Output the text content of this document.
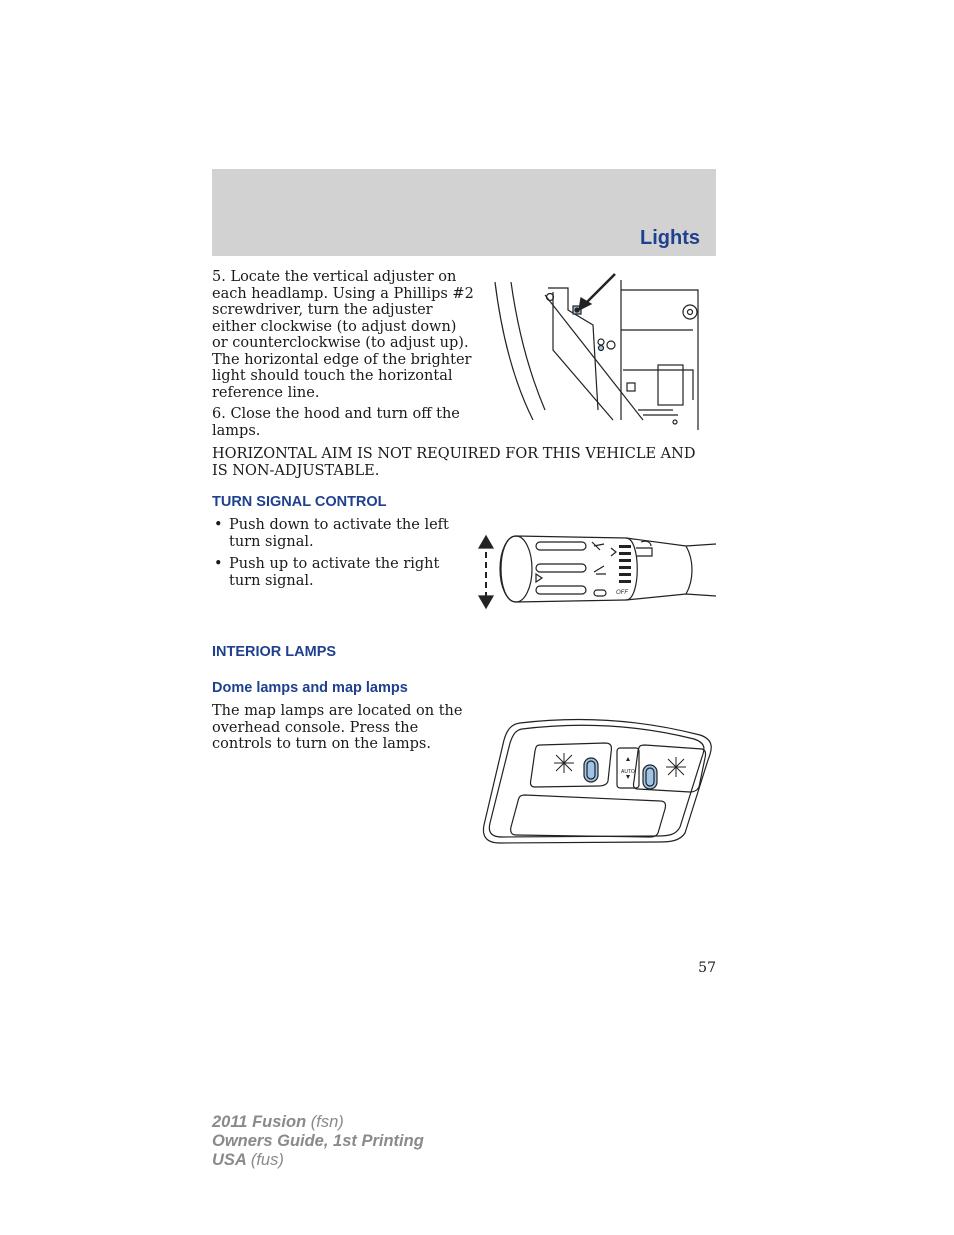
Lights
5. Locate the vertical adjuster on each headlamp. Using a Phillips #2 screwdriver, turn the adjuster either clockwise (to adjust down) or counterclockwise (to adjust up). The horizontal edge of the brighter light should touch the horizontal reference line.
6. Close the hood and turn off the lamps.
HORIZONTAL AIM IS NOT REQUIRED FOR THIS VEHICLE AND IS NON-ADJUSTABLE.
TURN SIGNAL CONTROL
• Push down to activate the left turn signal.
• Push up to activate the right turn signal.
OFF
INTERIOR LAMPS
Dome lamps and map lamps
The map lamps are located on the overhead console. Press the controls to turn on the lamps.
AUTO
57
2011 Fusion (fsn)
Owners Guide, 1st Printing
USA (fus)
